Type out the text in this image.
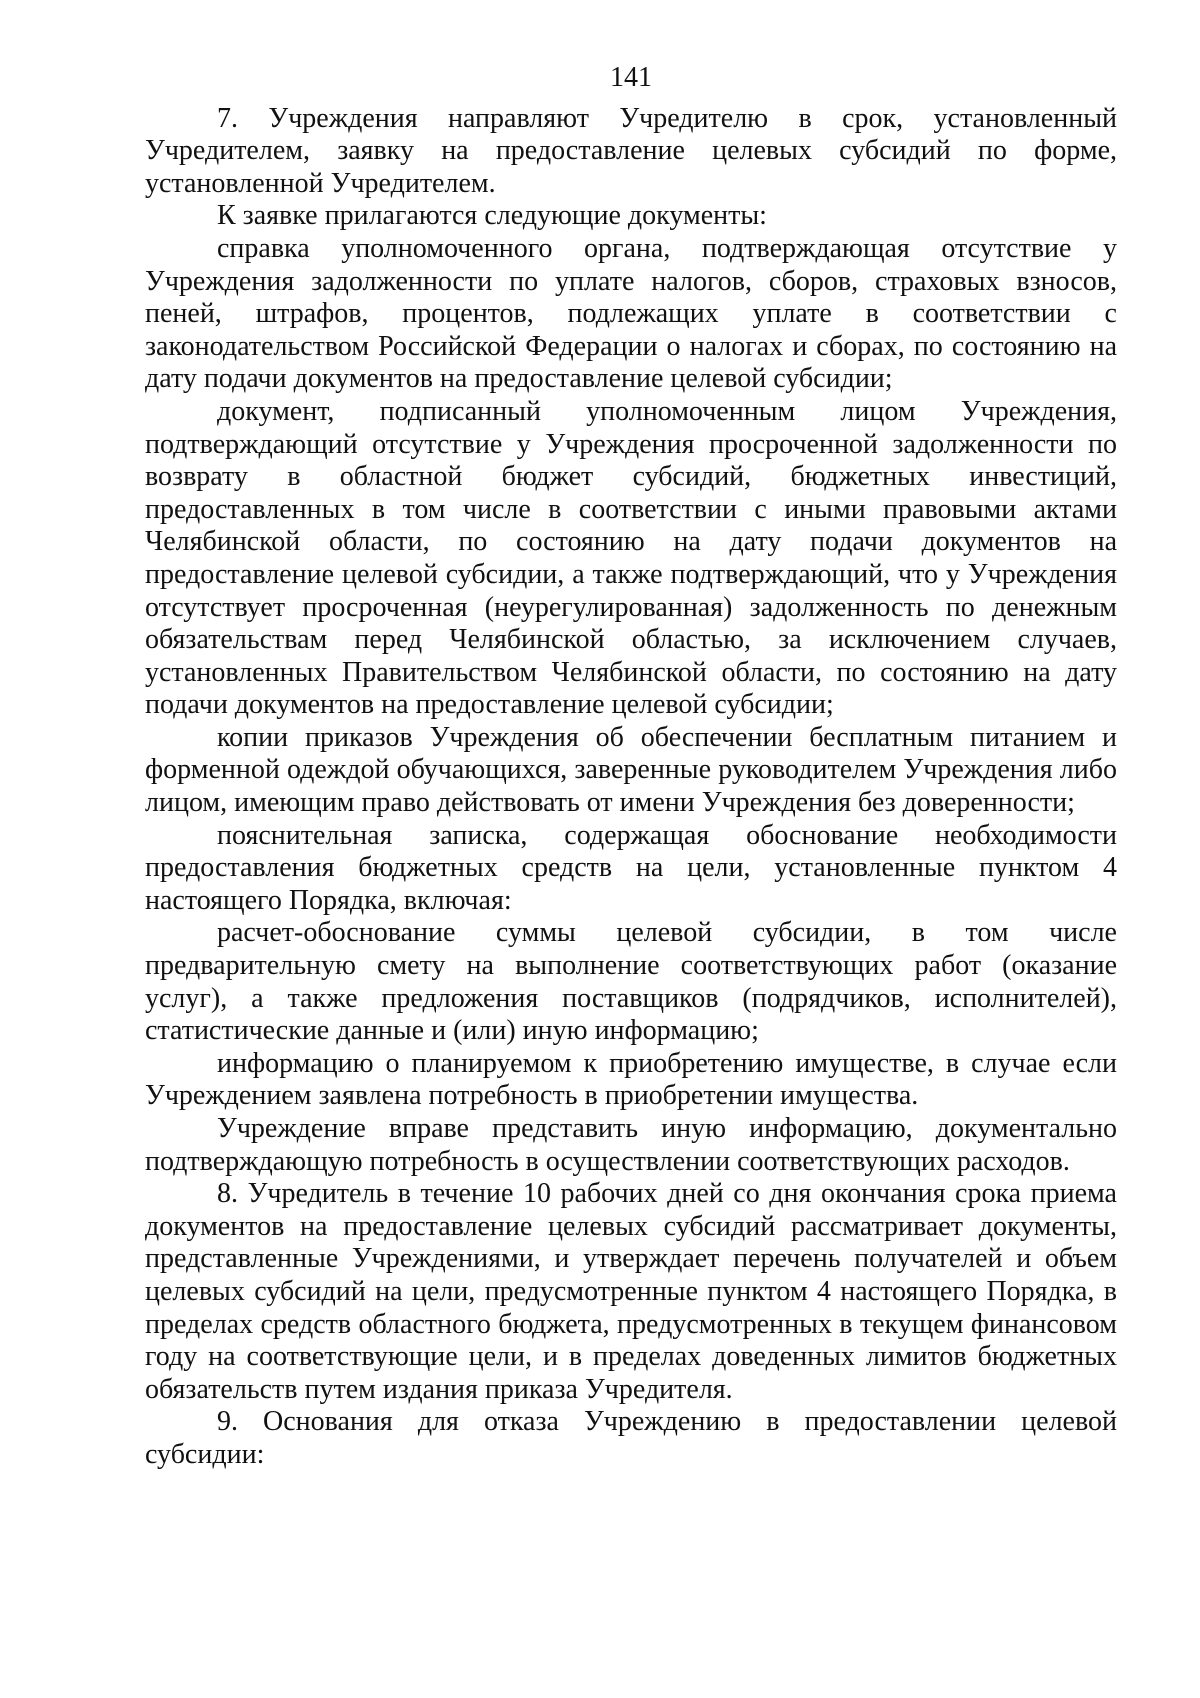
141

7. Учреждения направляют Учредителю в срок, установленный Учредителем, заявку на предоставление целевых субсидий по форме, установленной Учредителем.

К заявке прилагаются следующие документы:

справка уполномоченного органа, подтверждающая отсутствие у Учреждения задолженности по уплате налогов, сборов, страховых взносов, пеней, штрафов, процентов, подлежащих уплате в соответствии с законодательством Российской Федерации о налогах и сборах, по состоянию на дату подачи документов на предоставление целевой субсидии;

документ, подписанный уполномоченным лицом Учреждения, подтверждающий отсутствие у Учреждения просроченной задолженности по возврату в областной бюджет субсидий, бюджетных инвестиций, предоставленных в том числе в соответствии с иными правовыми актами Челябинской области, по состоянию на дату подачи документов на предоставление целевой субсидии, а также подтверждающий, что у Учреждения отсутствует просроченная (неурегулированная) задолженность по денежным обязательствам перед Челябинской областью, за исключением случаев, установленных Правительством Челябинской области, по состоянию на дату подачи документов на предоставление целевой субсидии;

копии приказов Учреждения об обеспечении бесплатным питанием и форменной одеждой обучающихся, заверенные руководителем Учреждения либо лицом, имеющим право действовать от имени Учреждения без доверенности;

пояснительная записка, содержащая обоснование необходимости предоставления бюджетных средств на цели, установленные пунктом 4 настоящего Порядка, включая:

расчет-обоснование суммы целевой субсидии, в том числе предварительную смету на выполнение соответствующих работ (оказание услуг), а также предложения поставщиков (подрядчиков, исполнителей), статистические данные и (или) иную информацию;

информацию о планируемом к приобретению имуществе, в случае если Учреждением заявлена потребность в приобретении имущества.

Учреждение вправе представить иную информацию, документально подтверждающую потребность в осуществлении соответствующих расходов.

8. Учредитель в течение 10 рабочих дней со дня окончания срока приема документов на предоставление целевых субсидий рассматривает документы, представленные Учреждениями, и утверждает перечень получателей и объем целевых субсидий на цели, предусмотренные пунктом 4 настоящего Порядка, в пределах средств областного бюджета, предусмотренных в текущем финансовом году на соответствующие цели, и в пределах доведенных лимитов бюджетных обязательств путем издания приказа Учредителя.

9. Основания для отказа Учреждению в предоставлении целевой субсидии:
